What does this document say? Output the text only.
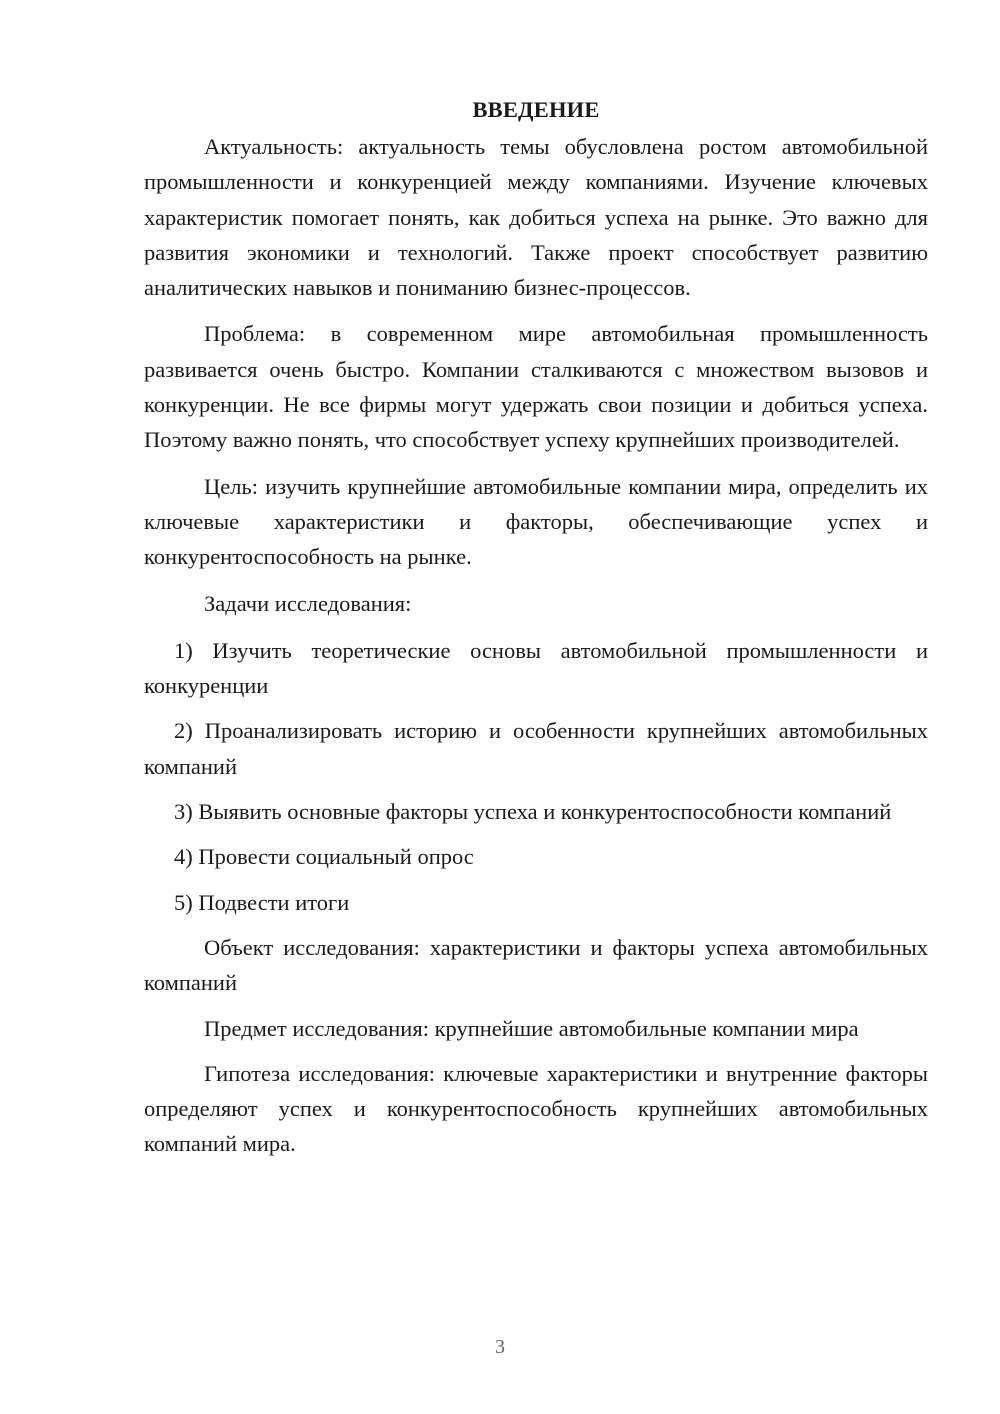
ВВЕДЕНИЕ

Актуальность: актуальность темы обусловлена ростом автомобильной промышленности и конкуренцией между компаниями. Изучение ключевых характеристик помогает понять, как добиться успеха на рынке. Это важно для развития экономики и технологий. Также проект способствует развитию аналитических навыков и пониманию бизнес-процессов.

Проблема: в современном мире автомобильная промышленность развивается очень быстро. Компании сталкиваются с множеством вызовов и конкуренции. Не все фирмы могут удержать свои позиции и добиться успеха. Поэтому важно понять, что способствует успеху крупнейших производителей.

Цель: изучить крупнейшие автомобильные компании мира, определить их ключевые характеристики и факторы, обеспечивающие успех и конкурентоспособность на рынке.

Задачи исследования:

1) Изучить теоретические основы автомобильной промышленности и конкуренции

2) Проанализировать историю и особенности крупнейших автомобильных компаний

3) Выявить основные факторы успеха и конкурентоспособности компаний

4) Провести социальный опрос

5) Подвести итоги

Объект исследования: характеристики и факторы успеха автомобильных компаний

Предмет исследования: крупнейшие автомобильные компании мира

Гипотеза исследования: ключевые характеристики и внутренние факторы определяют успех и конкурентоспособность крупнейших автомобильных компаний мира.

3
